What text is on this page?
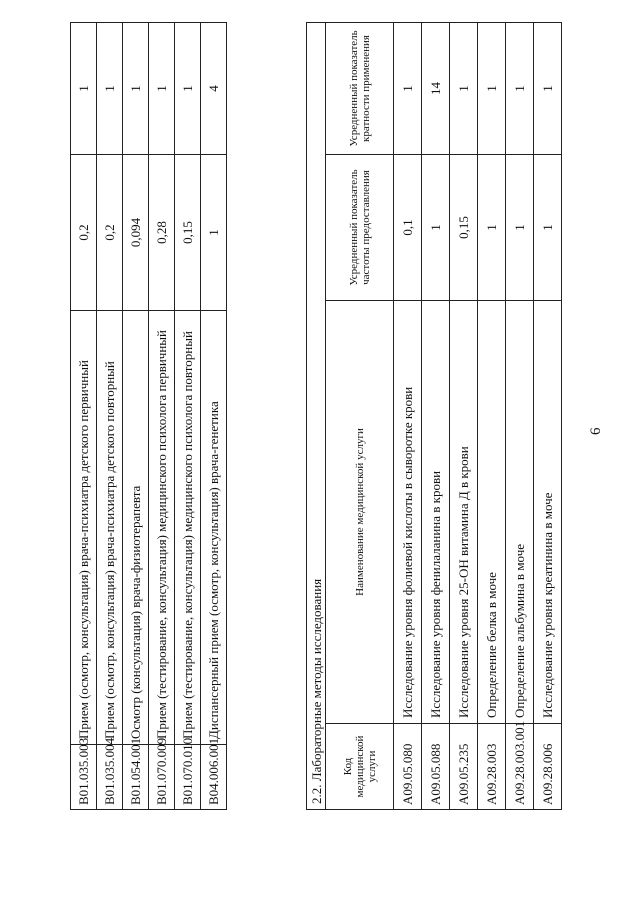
6
B01.035.003	Прием (осмотр, консультация) врача-психиатра детского первичный	0,2	1
B01.035.004	Прием (осмотр, консультация) врача-психиатра детского повторный	0,2	1
B01.054.001	Осмотр (консультация) врача-физиотерапевта	0,094	1
B01.070.009	Прием (тестирование, консультация) медицинского психолога первичный	0,28	1
B01.070.010	Прием (тестирование, консультация) медицинского психолога повторный	0,15	1
B04.006.001	Диспансерный прием (осмотр, консультация) врача-генетика	1	4
2.2. Лабораторные методы исследования			
Код медицинской услуги	Наименование медицинской услуги	Усредненный показатель частоты предоставления	Усредненный показатель кратности применения
A09.05.080	Исследование уровня фолиевой кислоты в сыворотке крови	0,1	1
A09.05.088	Исследование уровня фенилаланина в крови	1	14
A09.05.235	Исследование уровня 25-ОН витамина Д в крови	0,15	1
A09.28.003	Определение белка в моче	1	1
A09.28.003.001	Определение альбумина в моче	1	1
A09.28.006	Исследование уровня креатинина в моче	1	1
